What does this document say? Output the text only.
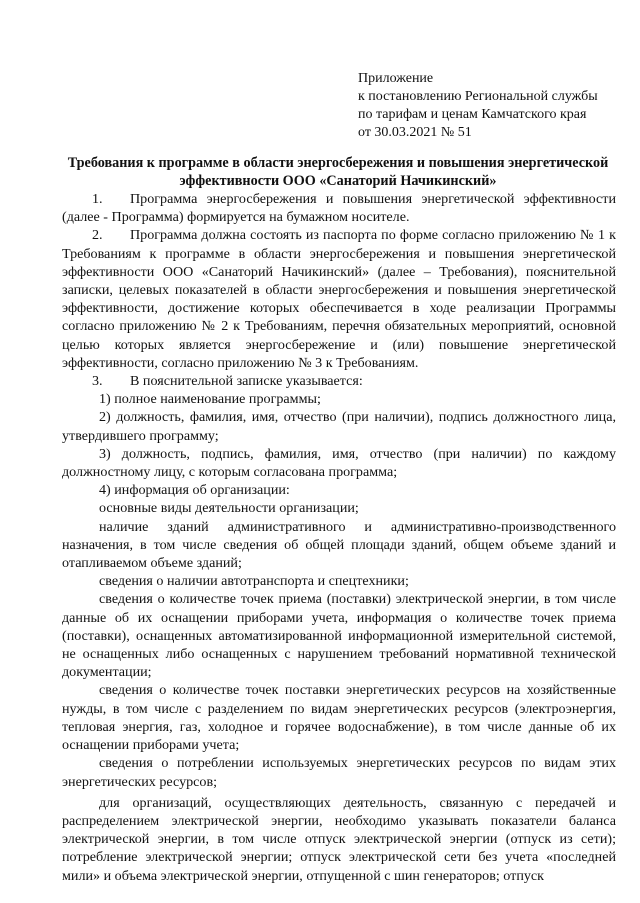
Приложение
к постановлению Региональной службы
по тарифам и ценам Камчатского края
от 30.03.2021 № 51
Требования к программе в области энергосбережения и повышения энергетической эффективности ООО «Санаторий Начикинский»

1. Программа энергосбережения и повышения энергетической эффективности (далее - Программа) формируется на бумажном носителе.

2. Программа должна состоять из паспорта по форме согласно приложению № 1 к Требованиям к программе в области энергосбережения и повышения энергетической эффективности ООО «Санаторий Начикинский» (далее – Требования), пояснительной записки, целевых показателей в области энергосбережения и повышения энергетической эффективности, достижение которых обеспечивается в ходе реализации Программы согласно приложению № 2 к Требованиям, перечня обязательных мероприятий, основной целью которых является энергосбережение и (или) повышение энергетической эффективности, согласно приложению № 3 к Требованиям.

3. В пояснительной записке указывается:

1) полное наименование программы;

2) должность, фамилия, имя, отчество (при наличии), подпись должностного лица, утвердившего программу;

3) должность, подпись, фамилия, имя, отчество (при наличии) по каждому должностному лицу, с которым согласована программа;

4) информация об организации:

основные виды деятельности организации;

наличие зданий административного и административно-производственного назначения, в том числе сведения об общей площади зданий, общем объеме зданий и отапливаемом объеме зданий;

сведения о наличии автотранспорта и спецтехники;

сведения о количестве точек приема (поставки) электрической энергии, в том числе данные об их оснащении приборами учета, информация о количестве точек приема (поставки), оснащенных автоматизированной информационной измерительной системой, не оснащенных либо оснащенных с нарушением требований нормативной технической документации;

сведения о количестве точек поставки энергетических ресурсов на хозяйственные нужды, в том числе с разделением по видам энергетических ресурсов (электроэнергия, тепловая энергия, газ, холодное и горячее водоснабжение), в том числе данные об их оснащении приборами учета;

сведения о потреблении используемых энергетических ресурсов по видам этих энергетических ресурсов;

для организаций, осуществляющих деятельность, связанную с передачей и распределением электрической энергии, необходимо указывать показатели баланса электрической энергии, в том числе отпуск электрической энергии (отпуск из сети); потребление электрической энергии; отпуск электрической сети без учета «последней мили» и объема электрической энергии, отпущенной с шин генераторов; отпуск
